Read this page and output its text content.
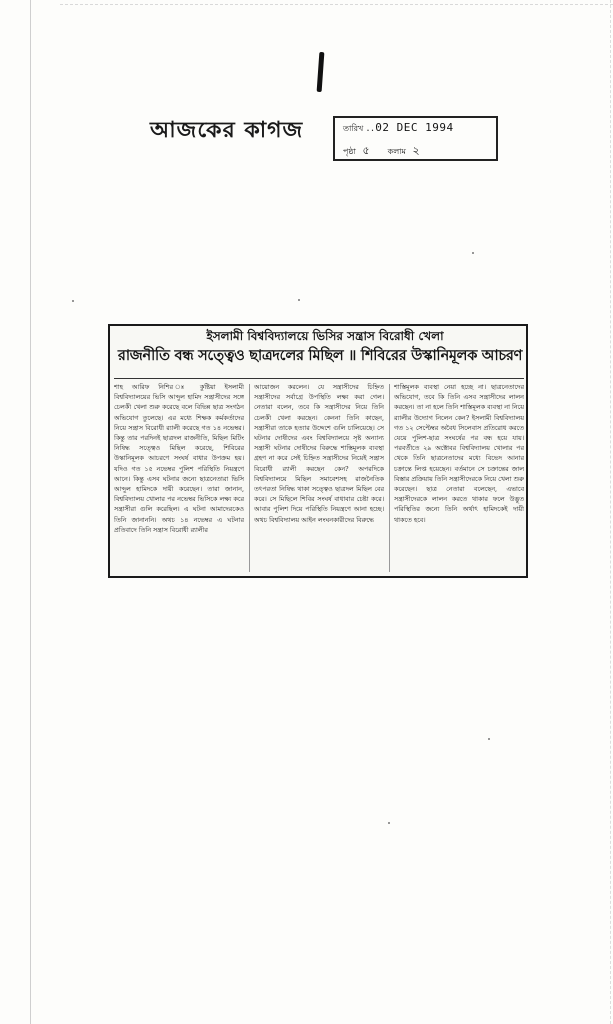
আজকের কাগজ	তারিখ ..02 DEC 1994
পৃষ্ঠা ৫ কলাম ২
ইসলামী বিশ্ববিদ্যালয়ে ভিসির সন্ত্রাস বিরোধী খেলা
রাজনীতি বন্ধ সত্ত্বেও ছাত্রদলের মিছিল ॥ শিবিরের উস্কানিমূলক আচরণ
শাহ আরিফ নিশির ঃ কুষ্টিয়া ইসলামী বিশ্ববিদ্যালয়ের ভিসি আব্দুল হামিদ সন্ত্রাসীদের সঙ্গে চেলকী খেলা শুরু করেছে বলে বিভিন্ন ছাত্র সংগঠন অভিযোগ তুলেছে। এর মধ্যে শিক্ষক কর্মকর্তাদের নিয়ে সন্ত্রাস বিরোধী র‍্যালী করেছে গত ১৪ নভেম্বর। কিন্তু তার পরদিনই ছাত্রদল রাজনীতি, মিছিল মিটিং নিষিদ্ধ সত্ত্বেও মিছিল করেছে, শিবিরের উস্কানিমূলক আচরণে সংঘর্ষ বাধার উপক্রম হয়। যদিও গত ১৫ নভেম্বর পুলিশ পরিস্থিতি নিয়ন্ত্রণে আনে। কিন্তু এসব ঘটনার জন্যে ছাত্রনেতারা ভিসি আব্দুল হামিদকে দায়ী করেছেন। তারা জানান, বিশ্ববিদ্যালয় খোলার পর নভেম্বর ভিসিকে লক্ষ্য করে সন্ত্রাসীরা গুলি করেছিল। এ ঘটনা আমাদেরকেও তিনি জানাননি। অথচ ১৪ নভেম্বর এ ঘটনার প্রতিবাদে তিনি সন্ত্রাস বিরোধী র‍্যালীর
আয়োজন করলেন। যে সন্ত্রাসীদের চিহ্নিত সন্ত্রাসীদের সর্বাগ্রে উপস্থিতি লক্ষ্য করা গেল। নেতারা বলেন, তবে কি সন্ত্রাসীদের নিয়ে তিনি চেলকী খেলা করছেন। কেননা তিনি কাছেন, সন্ত্রাসীরা তাকে হত্যার উদ্দেশে গুলি চালিয়েছে। সে ঘটনার দোষীদের এবং বিশ্ববিদ্যালয়ে সৃষ্ট অন্যান্য সন্ত্রাসী ঘটনার দোষীদের বিরুদ্ধে শাস্তিমূলক ব্যবস্থা গ্রহণ না করে সেই চিহ্নিত সন্ত্রাসীদের নিয়েই সন্ত্রাস বিরোধী র‍্যালী করছেন কেন? অপরদিকে বিশ্ববিদ্যালয়ে মিছিল সমাবেশসহ রাজনৈতিক তৎপরতা নিষিদ্ধ থাকা সত্ত্বেও ছাত্রদল মিছিল বের করে। সে মিছিলে শিবির সংঘর্ষ বাধাবার চেষ্টা করে। আবার পুলিশ দিয়ে পরিস্থিতি নিয়ন্ত্রণে আনা হচ্ছে। অথচ বিশ্ববিদ্যালয় আইন লংঘনকারীদের বিরুদ্ধে
শাস্তিমূলক ব্যবস্থা নেয়া হচ্ছে না। ছাত্রনেতাদের অভিযোগ, তবে কি তিনি এসব সন্ত্রাসীদের লালন করছেন। তা না হলে তিনি শাস্তিমূলক ব্যবস্থা না নিয়ে র‍্যালীর উদ্যোগ নিলেন কেন? ইসলামী বিশ্ববিদ্যালয় গত ১২ সেপ্টেম্বর অবৈধ সিলেবাস প্রতিরোধ করতে যেয়ে পুলিশ-ছাত্র সংঘর্ষের পর বন্ধ হয়ে যায়। পরবর্তীতে ২৯ অক্টোবর বিশ্ববিদ্যালয় খোলার পর থেকে তিনি ছাত্রনেতাদের মধ্যে বিভেদ আনার চক্রান্তে লিপ্ত হয়েছেন। বর্তমানে সে চক্রান্তের জাল বিস্তার প্রক্রিয়ায় তিনি সন্ত্রাসীদেরকে নিয়ে খেলা শুরু করেছেন। ছাত্র নেতারা বলেছেন, এভাবে সন্ত্রাসীদেরকে লালন করতে থাকার ফলে উদ্ভূত পরিস্থিতির জন্যে তিনি অর্থাৎ হামিদকেই দায়ী থাকতে হবে।
